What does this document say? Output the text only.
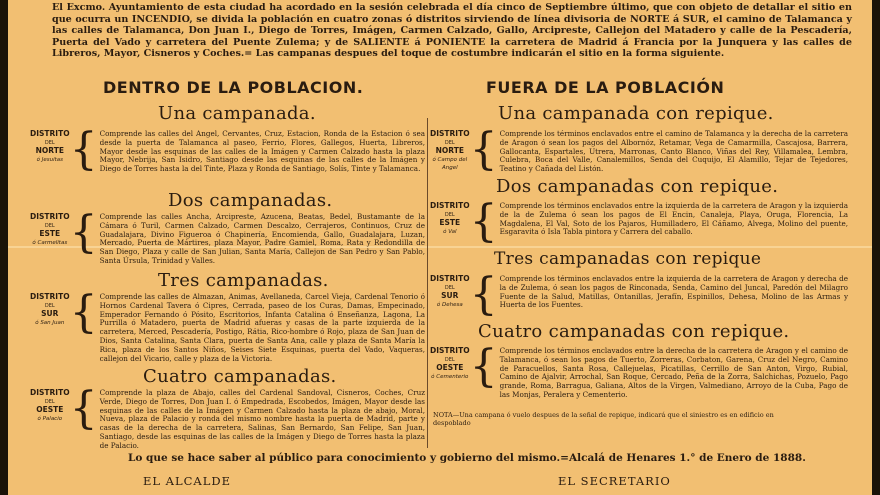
El Excmo. Ayuntamiento de esta ciudad ha acordado en la sesión celebrada el día cinco de Septiembre último, que con objeto de detallar el sitio en que ocurra un INCENDIO, se divida la población en cuatro zonas ó distritos sirviendo de línea divisoria de NORTE á SUR, el camino de Talamanca y las calles de Talamanca, Don Juan I., Diego de Torres, Imágen, Carmen Calzado, Gallo, Arcipreste, Callejon del Matadero y calle de la Pescadería, Puerta del Vado y carretera del Puente Zulema; y de SALIENTE á PONIENTE la carretera de Madrid á Francia por la Junquera y las calles de Libreros, Mayor, Cisneros y Coches.= Las campanas despues del toque de costumbre indicarán el sitio en la forma siguiente.
DENTRO DE LA POBLACION.	FUERA DE LA POBLACIÓN
Una campanada.
DISTRITO
DEL
NORTE
ó Jesuitas { Comprende las calles del Angel, Cervantes, Cruz, Estacion, Ronda de la Estacion ó sea desde la puerta de Talamanca al paseo, Ferrio, Flores, Gallegos, Huerta, Libreros, Mayor desde las esquinas de las calles de la Imágen y Carmen Calzado hasta la plaza Mayor, Nebrija, San Isidro, Santiago desde las esquinas de las calles de la Imágen y Diego de Torres hasta la del Tinte, Plaza y Ronda de Santiago, Solís, Tinte y Talamanca.
Dos campanadas.
DISTRITO
DEL
ESTE
ó Carmelitas { Comprende las calles Ancha, Arcipreste, Azucena, Beatas, Bedel, Bustamante de la Cámara ó Turil, Carmen Calzado, Carmen Descalzo, Cerrajeros, Continuos, Cruz de Guadalajara, Divino Figueroa ó Chapinería, Encomienda, Gallo, Guadalajara, Luzan, Mercado, Puerta de Mártires, plaza Mayor, Padre Gamiel, Roma, Rata y Redondilla de San Diego, Plaza y calle de San Julian, Santa María, Callejon de San Pedro y San Pablo, Santa Úrsula, Trinidad y Valles.
Tres campanadas.
DISTRITO
DEL
SUR
ó San Juan { Comprende las calles de Almazan, Animas, Avellaneda, Carcel Vieja, Cardenal Tenorio ó Hornos Cardenal Tavera ó Cipres, Cerrada, paseo de los Curas, Damas, Empecinado, Emperador Fernando ó Pósito, Escritorios, Infanta Catalina ó Enseñanza, Lagona, La Purrilla ó Matadero, puerta de Madrid afueras y casas de la parte izquierda de la carretera, Merced, Pescadería, Postigo, Rátia, Rico-hombre ó Rojo, plaza de San Juan de Dios, Santa Catalina, Santa Clara, puerta de Santa Ana, calle y plaza de Santa María la Rica, plaza de los Santos Niños, Seises Siete Esquinas, puerta del Vado, Vaqueras, callejon del Vicario, calle y plaza de la Victoria.
Cuatro campanadas.
DISTRITO
DEL
OESTE
ó Palacio { Comprende la plaza de Abajo, calles del Cardenal Sandoval, Cisneros, Coches, Cruz Verde, Diego de Torres, Don Juan I. ó Empedrada, Escobedos, Imágen, Mayor desde las esquinas de las calles de la Imágen y Carmen Calzado hasta la plaza de abajo, Moral, Nueva, plaza de Palacio y ronda del mismo nombre hasta la puerta de Madrid, parte y casas de la derecha de la carretera, Salinas, San Bernardo, San Felipe, San Juan, Santiago, desde las esquinas de las calles de la Imágen y Diego de Torres hasta la plaza de Palacio.
Una campanada con repique.
DISTRITO
DEL
NORTE
ó Campo del Angel { Comprende los términos enclavados entre el camino de Talamanca y la derecha de la carretera de Aragon ó sean los pagos del Albornóz, Retamar, Vega de Camarmilla, Cascajosa, Barrera, Gallocanta, Espartales, Utrera, Marronas, Canto Blanco, Viñas del Rey, Villamalea, Lembra, Culebra, Boca del Valle, Canalemillos, Senda del Cuquijo, El Alamillo, Tejar de Tejedores, Teatino y Cañada del Listón.
Dos campanadas con repique.
DISTRITO
DEL
ESTE
ó Val { Comprende los términos enclavados entre la izquierda de la carretera de Aragon y la izquierda de la de Zulema ó sean los pagos de El Encin, Canaleja, Playa, Oruga, Florencia, La Magdalena, El Val, Soto de los Pajaros, Humilladero, El Cáñamo, Alvega, Molino del puente, Esgaravita ó Isla Tabla pintora y Carrera del caballo.
Tres campanadas con repique
DISTRITO
DEL
SUR
ó Dehesa { Comprende los términos enclavados entre la izquierda de la carretera de Aragon y derecha de la de Zulema, ó sean los pagos de Rinconada, Senda, Camino del Juncal, Paredón del Milagro Fuente de la Salud, Matillas, Ontanillas, Jerafín, Espinillos, Dehesa, Molino de las Armas y Huerta de los Fuentes.
Cuatro campanadas con repique.
DISTRITO
DEL
OESTE
ó Cementerio { Comprende los términos enclavados entre la derecha de la carretera de Aragon y el camino de Talamanca, ó sean los pagos de Tuerto, Zorreras, Corbaton, Garena, Cruz del Negro, Camino de Paracuellos, Santa Rosa, Callejuelas, Picatillas, Cerrillo de San Anton, Virgo, Rubial, Camino de Ajalvir, Arrochal, San Roque, Cercado, Peña de la Zorra, Salchichas, Pozuelo, Pago grande, Roma, Barragua, Galiana, Altos de la Virgen, Valmediano, Arroyo de la Cuba, Pago de las Monjas, Peralera y Cementerio.
NOTA—Una campana ó vuelo despues de la señal de repique, indicará que el siniestro es en edificio en despoblado
Lo que se hace saber al público para conocimiento y gobierno del mismo.=Alcalá de Henares 1.° de Enero de 1888.
EL ALCALDE	EL SECRETARIO
